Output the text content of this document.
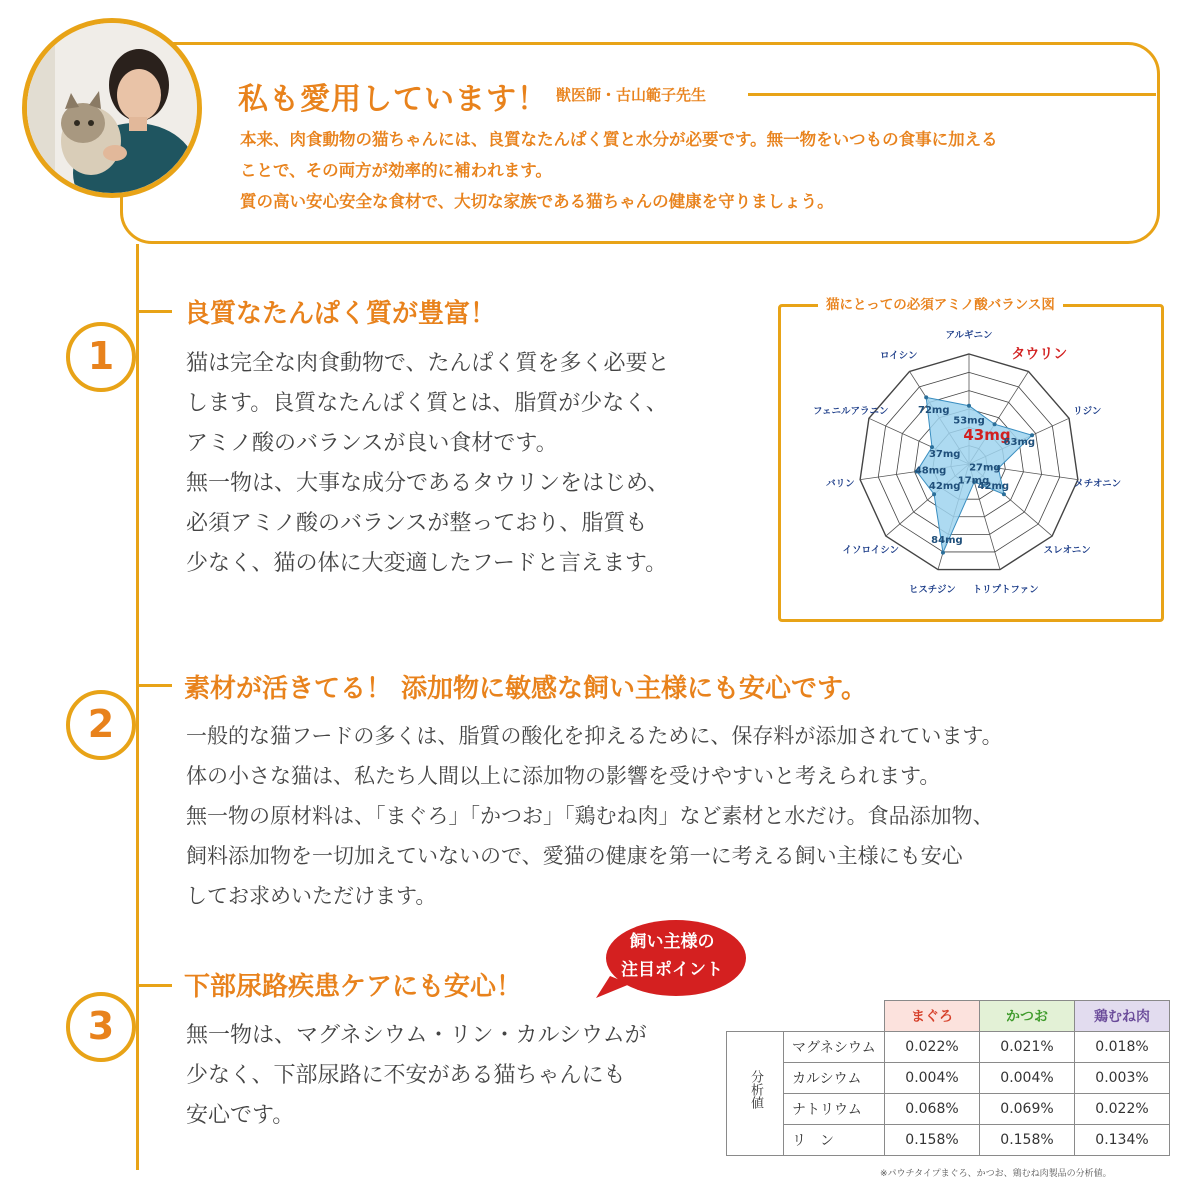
私も愛用しています！ 獣医師・古山範子先生
本来、肉食動物の猫ちゃんには、良質なたんぱく質と水分が必要です。無一物をいつもの食事に加える
ことで、その両方が効率的に補われます。
質の高い安心安全な食材で、大切な家族である猫ちゃんの健康を守りましょう。
1
良質なたんぱく質が豊富！
猫は完全な肉食動物で、たんぱく質を多く必要と
します。良質なたんぱく質とは、脂質が少なく、
アミノ酸のバランスが良い食材です。
無一物は、大事な成分であるタウリンをはじめ、
必須アミノ酸のバランスが整っており、脂質も
少なく、猫の体に大変適したフードと言えます。
猫にとっての必須アミノ酸バランス図
53mg
43mg
63mg
27mg
42mg
17mg
84mg
42mg
48mg
37mg
72mg
アルギニン
タウリン
リジン
メチオニン
スレオニン
トリプトファン
ヒスチジン
イソロイシン
バリン
フェニルアラニン
ロイシン
2
素材が活きてる！ 添加物に敏感な飼い主様にも安心です。
一般的な猫フードの多くは、脂質の酸化を抑えるために、保存料が添加されています。
体の小さな猫は、私たち人間以上に添加物の影響を受けやすいと考えられます。
無一物の原材料は、「まぐろ」「かつお」「鶏むね肉」など素材と水だけ。食品添加物、
飼料添加物を一切加えていないので、愛猫の健康を第一に考える飼い主様にも安心
してお求めいただけます。
3
下部尿路疾患ケアにも安心！
無一物は、マグネシウム・リン・カルシウムが
少なく、下部尿路に不安がある猫ちゃんにも
安心です。
飼い主様の
注目ポイント
		まぐろ	かつお	鶏むね肉
分析値	マグネシウム	0.022%	0.021%	0.018%
	カルシウム	0.004%	0.004%	0.003%
	ナトリウム	0.068%	0.069%	0.022%
	リ　ン	0.158%	0.158%	0.134%
※パウチタイプまぐろ、かつお、鶏むね肉製品の分析値。
